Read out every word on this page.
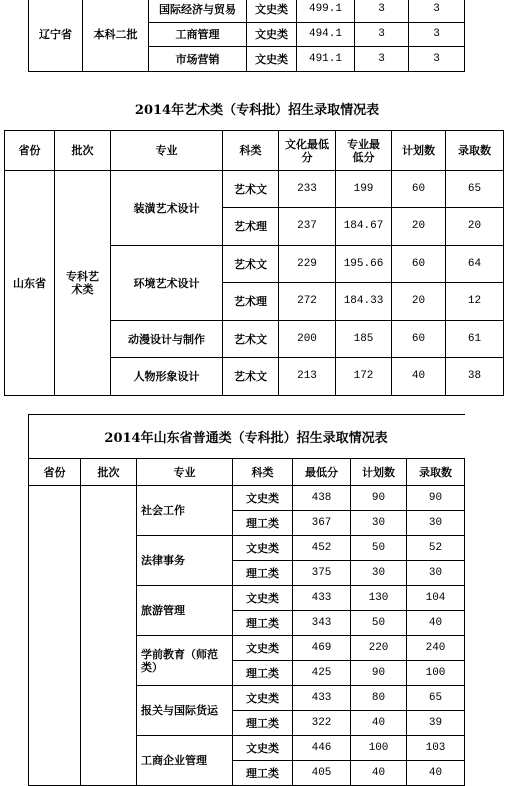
辽宁省	本科二批	国际经济与贸易	文史类	499.1	3	3
		工商管理	文史类	494.1	3	3
		市场营销	文史类	491.1	3	3
2014年艺术类（专科批）招生录取情况表
省份	批次	专业	科类	文化最低分	专业最低分	计划数	录取数
山东省	专科艺术类	装潢艺术设计	艺术文	233	199	60	65
			艺术理	237	184.67	20	20
		环境艺术设计	艺术文	229	195.66	60	64
			艺术理	272	184.33	20	12
		动漫设计与制作	艺术文	200	185	60	61
		人物形象设计	艺术文	213	172	40	38
2014年山东省普通类（专科批）招生录取情况表
省份	批次	专业	科类	最低分	计划数	录取数
		社会工作	文史类	438	90	90
			理工类	367	30	30
		法律事务	文史类	452	50	52
			理工类	375	30	30
		旅游管理	文史类	433	130	104
			理工类	343	50	40
		学前教育（师范类）	文史类	469	220	240
			理工类	425	90	100
		报关与国际货运	文史类	433	80	65
			理工类	322	40	39
		工商企业管理	文史类	446	100	103
			理工类	405	40	40
